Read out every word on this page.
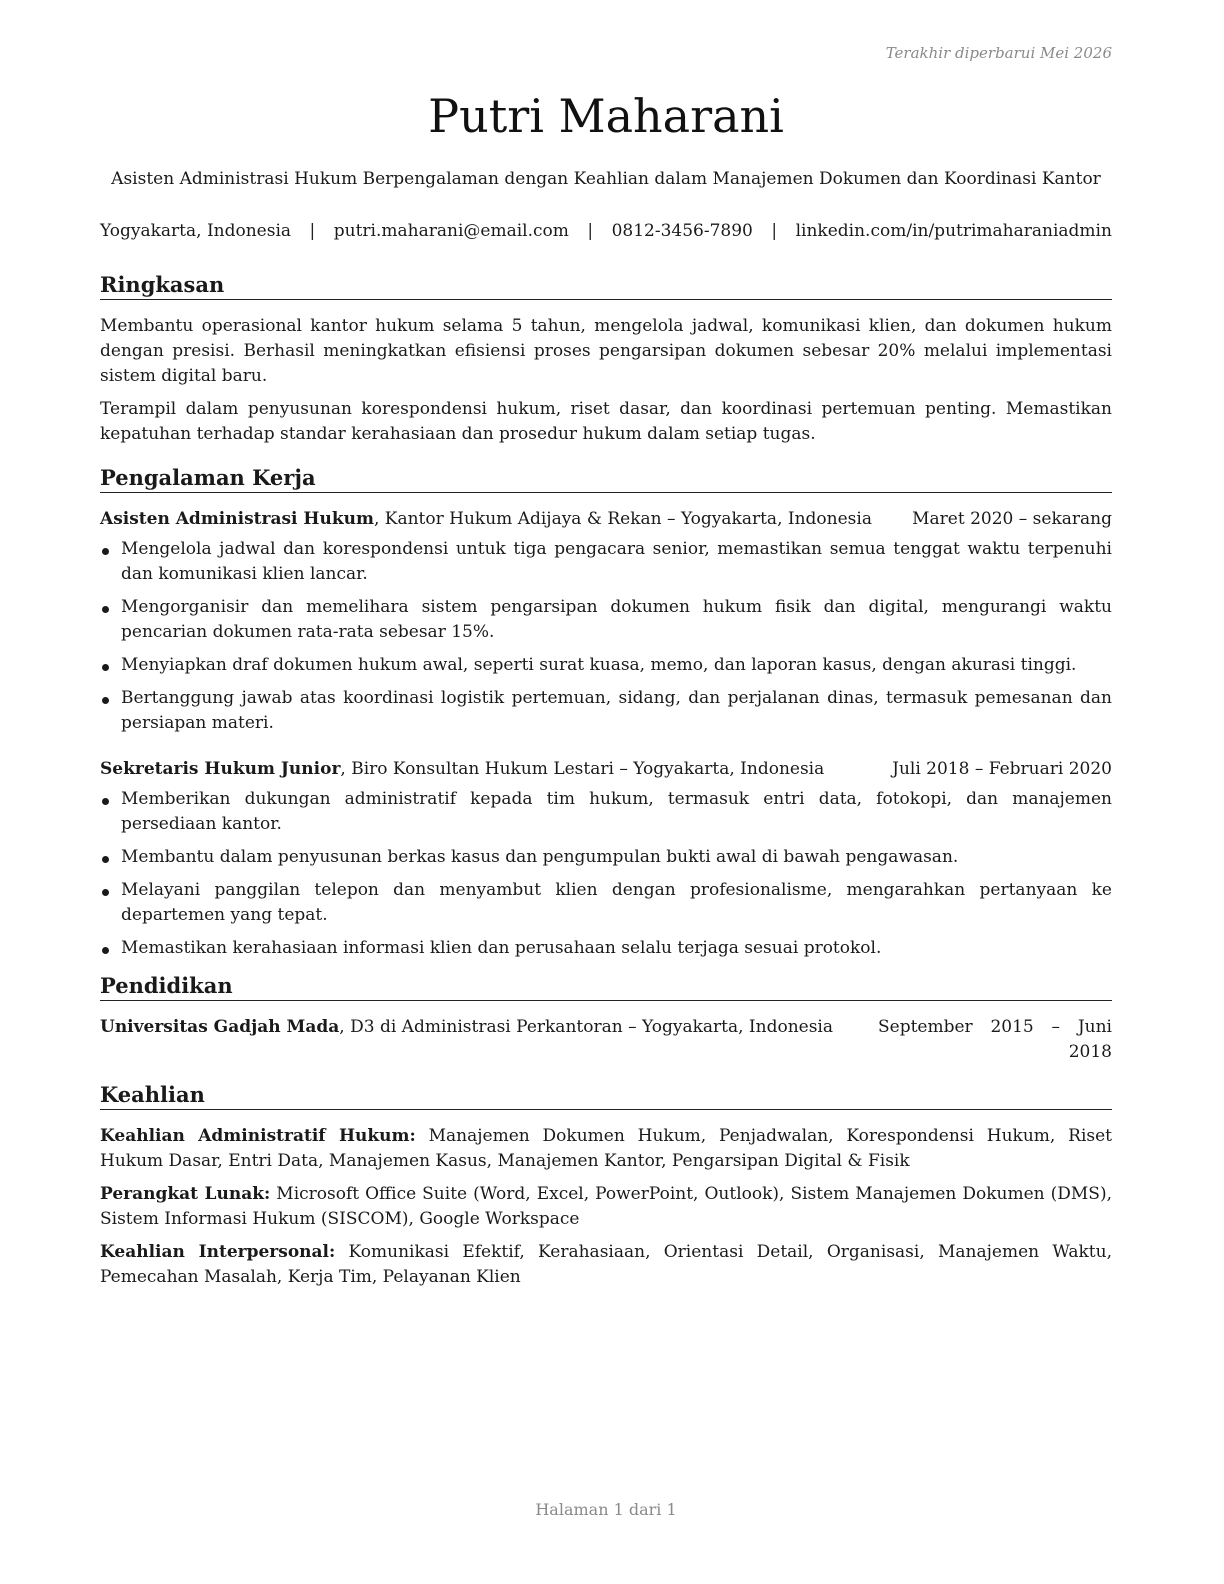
Terakhir diperbarui Mei 2026
Putri Maharani
Asisten Administrasi Hukum Berpengalaman dengan Keahlian dalam Manajemen Dokumen dan Koordinasi Kantor
Yogyakarta, Indonesia | putri.maharani@email.com | 0812-3456-7890 | linkedin.com/in/putrimaharaniadmin
Ringkasan

Membantu operasional kantor hukum selama 5 tahun, mengelola jadwal, komunikasi klien, dan dokumen hukum dengan presisi. Berhasil meningkatkan efisiensi proses pengarsipan dokumen sebesar 20% melalui implementasi sistem digital baru.

Terampil dalam penyusunan korespondensi hukum, riset dasar, dan koordinasi pertemuan penting. Memastikan kepatuhan terhadap standar kerahasiaan dan prosedur hukum dalam setiap tugas.

Pengalaman Kerja
Asisten Administrasi Hukum, Kantor Hukum Adijaya & Rekan – Yogyakarta, Indonesia Maret 2020 – sekarang
Mengelola jadwal dan korespondensi untuk tiga pengacara senior, memastikan semua tenggat waktu terpenuhi dan komunikasi klien lancar.
Mengorganisir dan memelihara sistem pengarsipan dokumen hukum fisik dan digital, mengurangi waktu pencarian dokumen rata-rata sebesar 15%.
Menyiapkan draf dokumen hukum awal, seperti surat kuasa, memo, dan laporan kasus, dengan akurasi tinggi.
Bertanggung jawab atas koordinasi logistik pertemuan, sidang, dan perjalanan dinas, termasuk pemesanan dan persiapan materi.
Sekretaris Hukum Junior, Biro Konsultan Hukum Lestari – Yogyakarta, Indonesia	Juli 2018 – Februari 2020
Memberikan dukungan administratif kepada tim hukum, termasuk entri data, fotokopi, dan manajemen persediaan kantor.
Membantu dalam penyusunan berkas kasus dan pengumpulan bukti awal di bawah pengawasan.
Melayani panggilan telepon dan menyambut klien dengan profesionalisme, mengarahkan pertanyaan ke departemen yang tepat.
Memastikan kerahasiaan informasi klien dan perusahaan selalu terjaga sesuai protokol.
Pendidikan
Universitas Gadjah Mada, D3 di Administrasi Perkantoran – Yogyakarta, Indonesia	September 2015 – Juni
2018
Keahlian

Keahlian Administratif Hukum: Manajemen Dokumen Hukum, Penjadwalan, Korespondensi Hukum, Riset Hukum Dasar, Entri Data, Manajemen Kasus, Manajemen Kantor, Pengarsipan Digital & Fisik

Perangkat Lunak: Microsoft Office Suite (Word, Excel, PowerPoint, Outlook), Sistem Manajemen Dokumen (DMS), Sistem Informasi Hukum (SISCOM), Google Workspace

Keahlian Interpersonal: Komunikasi Efektif, Kerahasiaan, Orientasi Detail, Organisasi, Manajemen Waktu, Pemecahan Masalah, Kerja Tim, Pelayanan Klien

Halaman 1 dari 1
